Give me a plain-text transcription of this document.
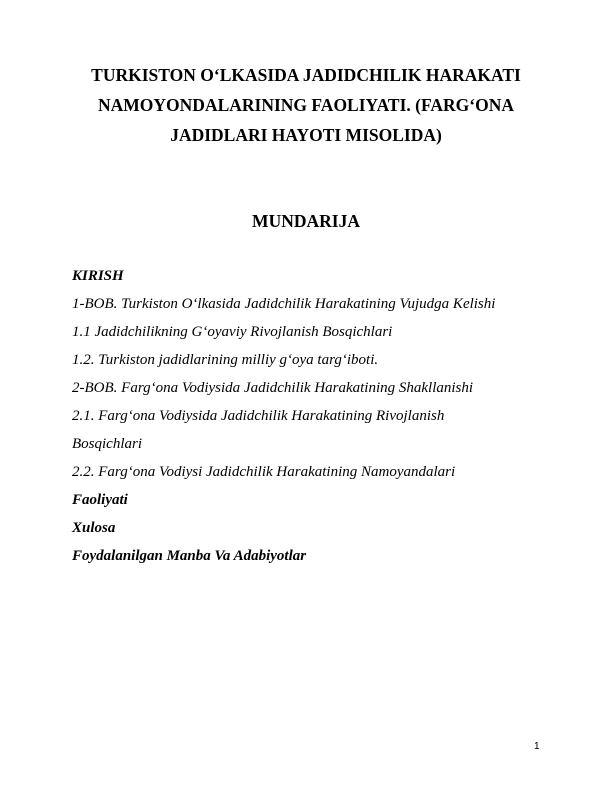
TURKISTON O‘LKASIDA JADIDCHILIK HARAKATI
NAMOYONDALARINING FAOLIYATI. (FARG‘ONA
JADIDLARI HAYOTI MISOLIDA)
MUNDARIJA
KIRISH
1-BOB. Turkiston O‘lkasida Jadidchilik Harakatining Vujudga Kelishi
1.1 Jadidchilikning G‘oyaviy Rivojlanish Bosqichlari
1.2. Turkiston jadidlarining milliy g‘oya targ‘iboti.
2-BOB. Farg‘ona Vodiysida Jadidchilik Harakatining Shakllanishi
2.1. Farg‘ona Vodiysida Jadidchilik Harakatining Rivojlanish
Bosqichlari
2.2. Farg‘ona Vodiysi Jadidchilik Harakatining Namoyandalari
Faoliyati
Xulosa
Foydalanilgan Manba Va Adabiyotlar
1
